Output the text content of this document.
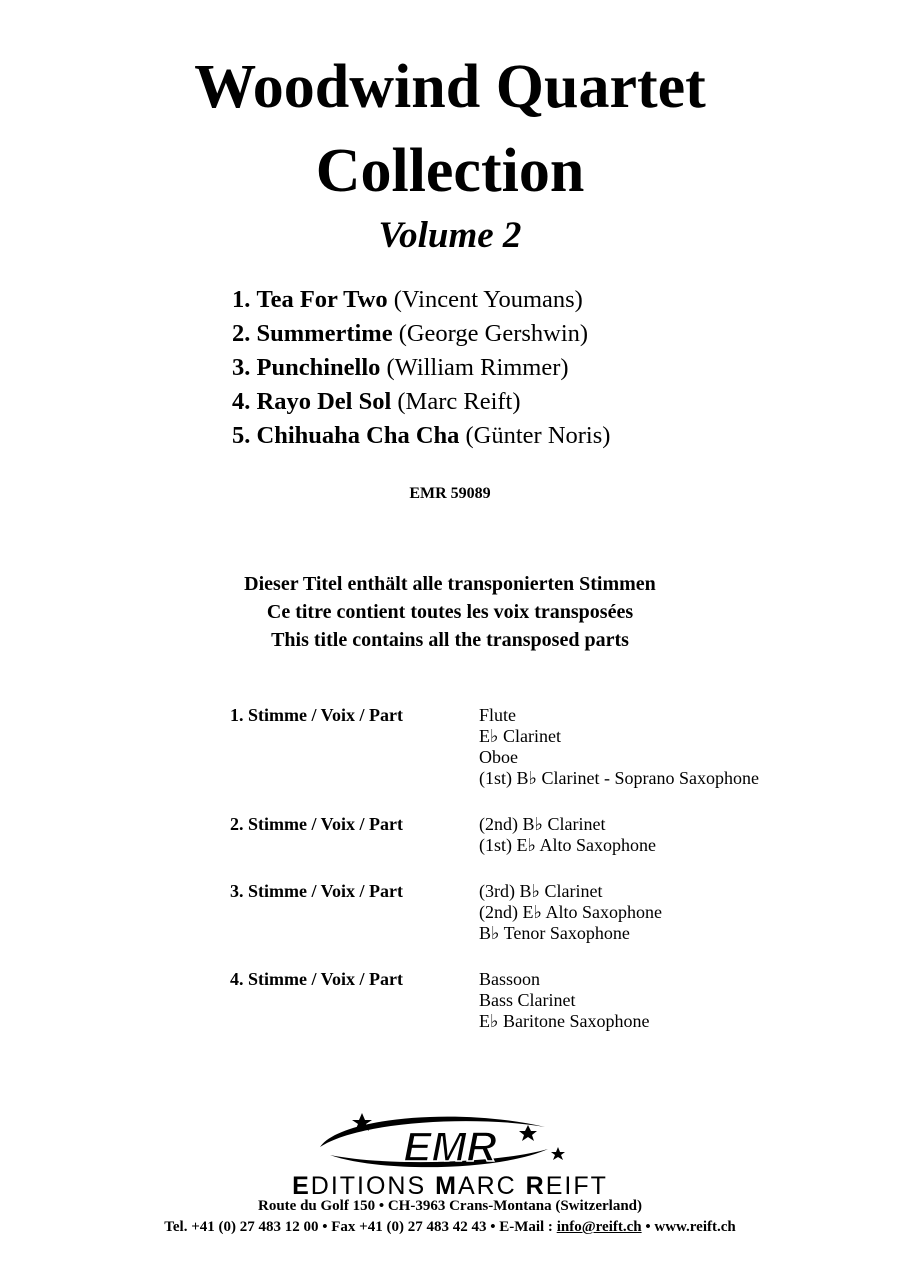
Woodwind Quartet
Collection
Volume 2
1. Tea For Two (Vincent Youmans)
2. Summertime (George Gershwin)
3. Punchinello (William Rimmer)
4. Rayo Del Sol (Marc Reift)
5. Chihuaha Cha Cha (Günter Noris)
EMR 59089
Dieser Titel enthält alle transponierten Stimmen
Ce titre contient toutes les voix transposées
This title contains all the transposed parts
1. Stimme / Voix / Part	Flute
E♭ Clarinet
Oboe
(1st) B♭ Clarinet - Soprano Saxophone
2. Stimme / Voix / Part	(2nd) B♭ Clarinet
(1st) E♭ Alto Saxophone
3. Stimme / Voix / Part	(3rd) B♭ Clarinet
(2nd) E♭ Alto Saxophone
B♭ Tenor Saxophone
4. Stimme / Voix / Part	Bassoon
Bass Clarinet
E♭ Baritone Saxophone
EMR
EDITIONS MARC REIFT
Route du Golf 150 • CH-3963 Crans-Montana (Switzerland)
Tel. +41 (0) 27 483 12 00 • Fax +41 (0) 27 483 42 43 • E-Mail : info@reift.ch • www.reift.ch
